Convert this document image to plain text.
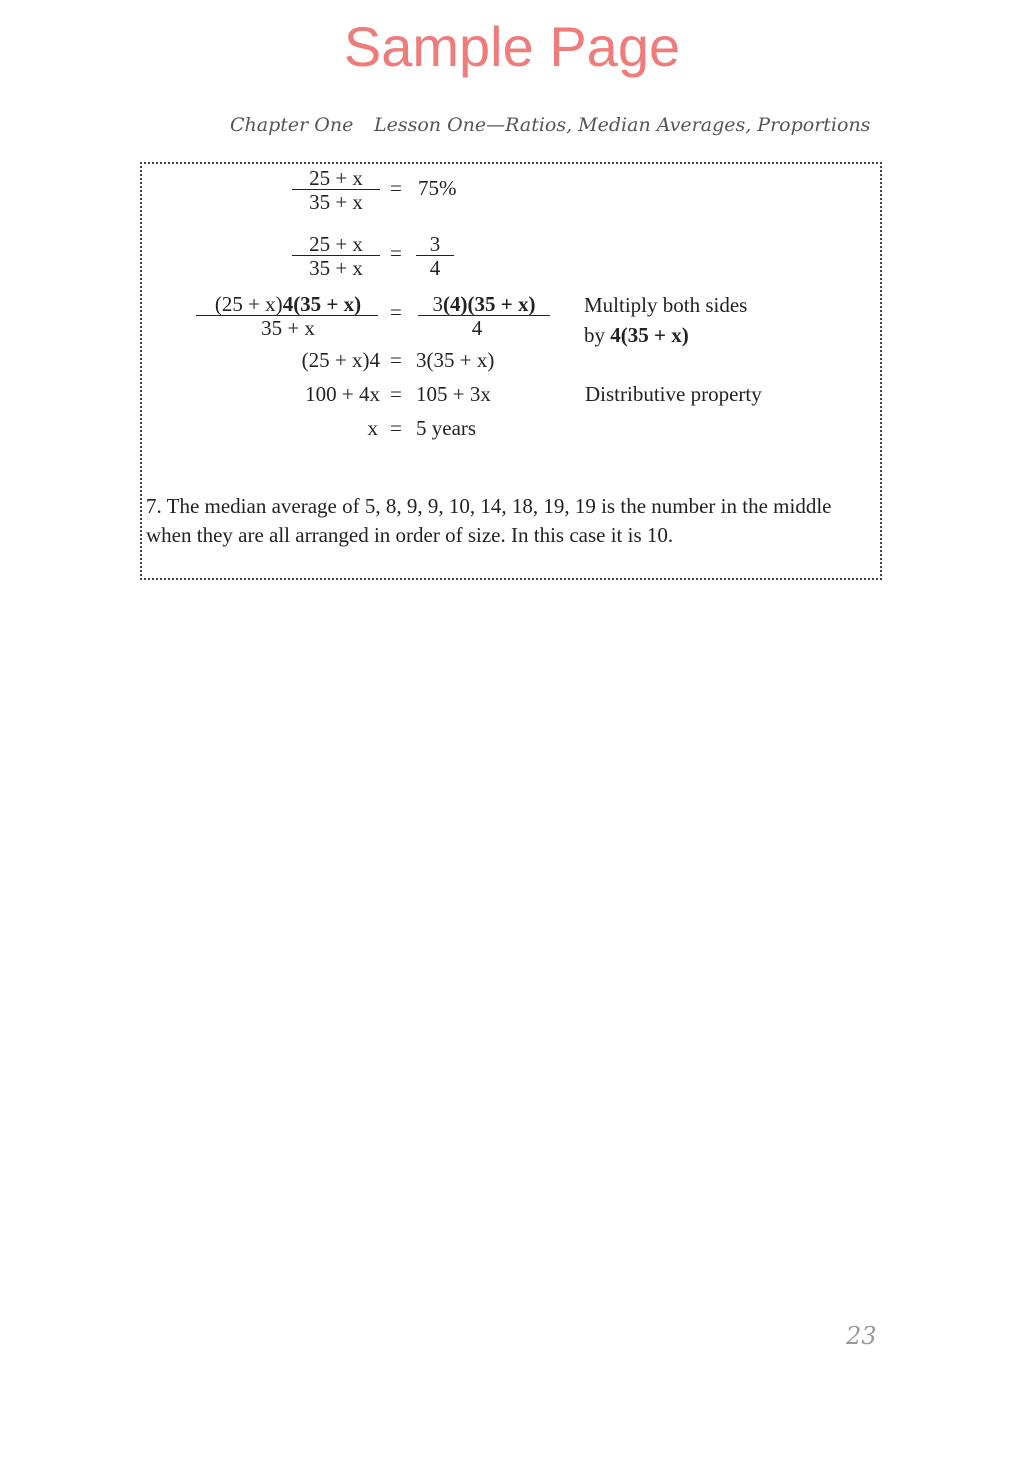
Sample Page
Chapter One Lesson One—Ratios, Median Averages, Proportions
25 + x
35 + x
= 75%
25 + x
35 + x
=	3
4
(25 + x)4(35 + x)
35 + x
=	3(4)(35 + x)
4
Multiply both sides
by 4(35 + x)
(25 + x)4 = 3(35 + x)
100 + 4x = 105 + 3x	Distributive property
x = 5 years
7. The median average of 5, 8, 9, 9, 10, 14, 18, 19, 19 is the number in the middle when they are all arranged in order of size. In this case it is 10.
23
